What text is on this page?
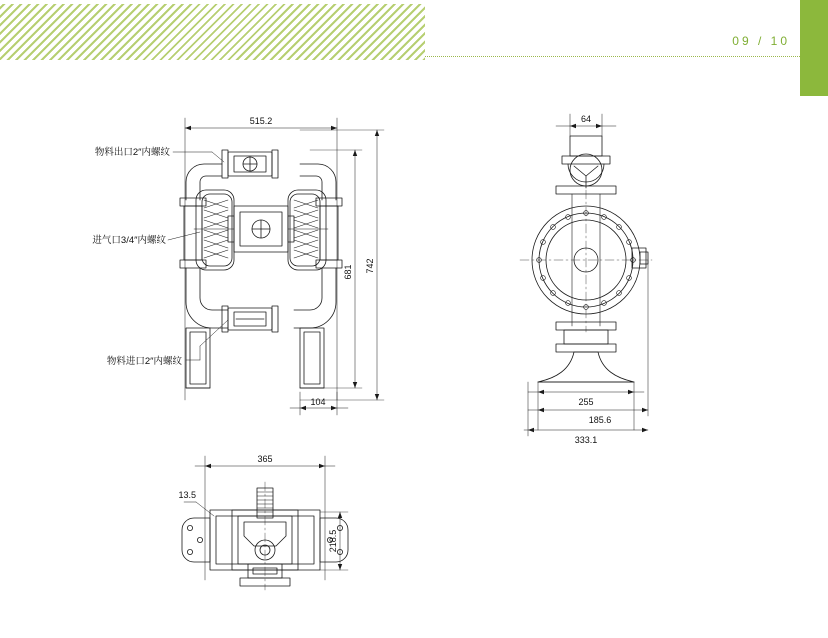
09 / 10
515.2
681 742
104
64
255
185.6
333.1
365
13.5
218.5
物料出口2″内螺纹
进气口3/4″内螺纹
物料进口2″内螺纹
